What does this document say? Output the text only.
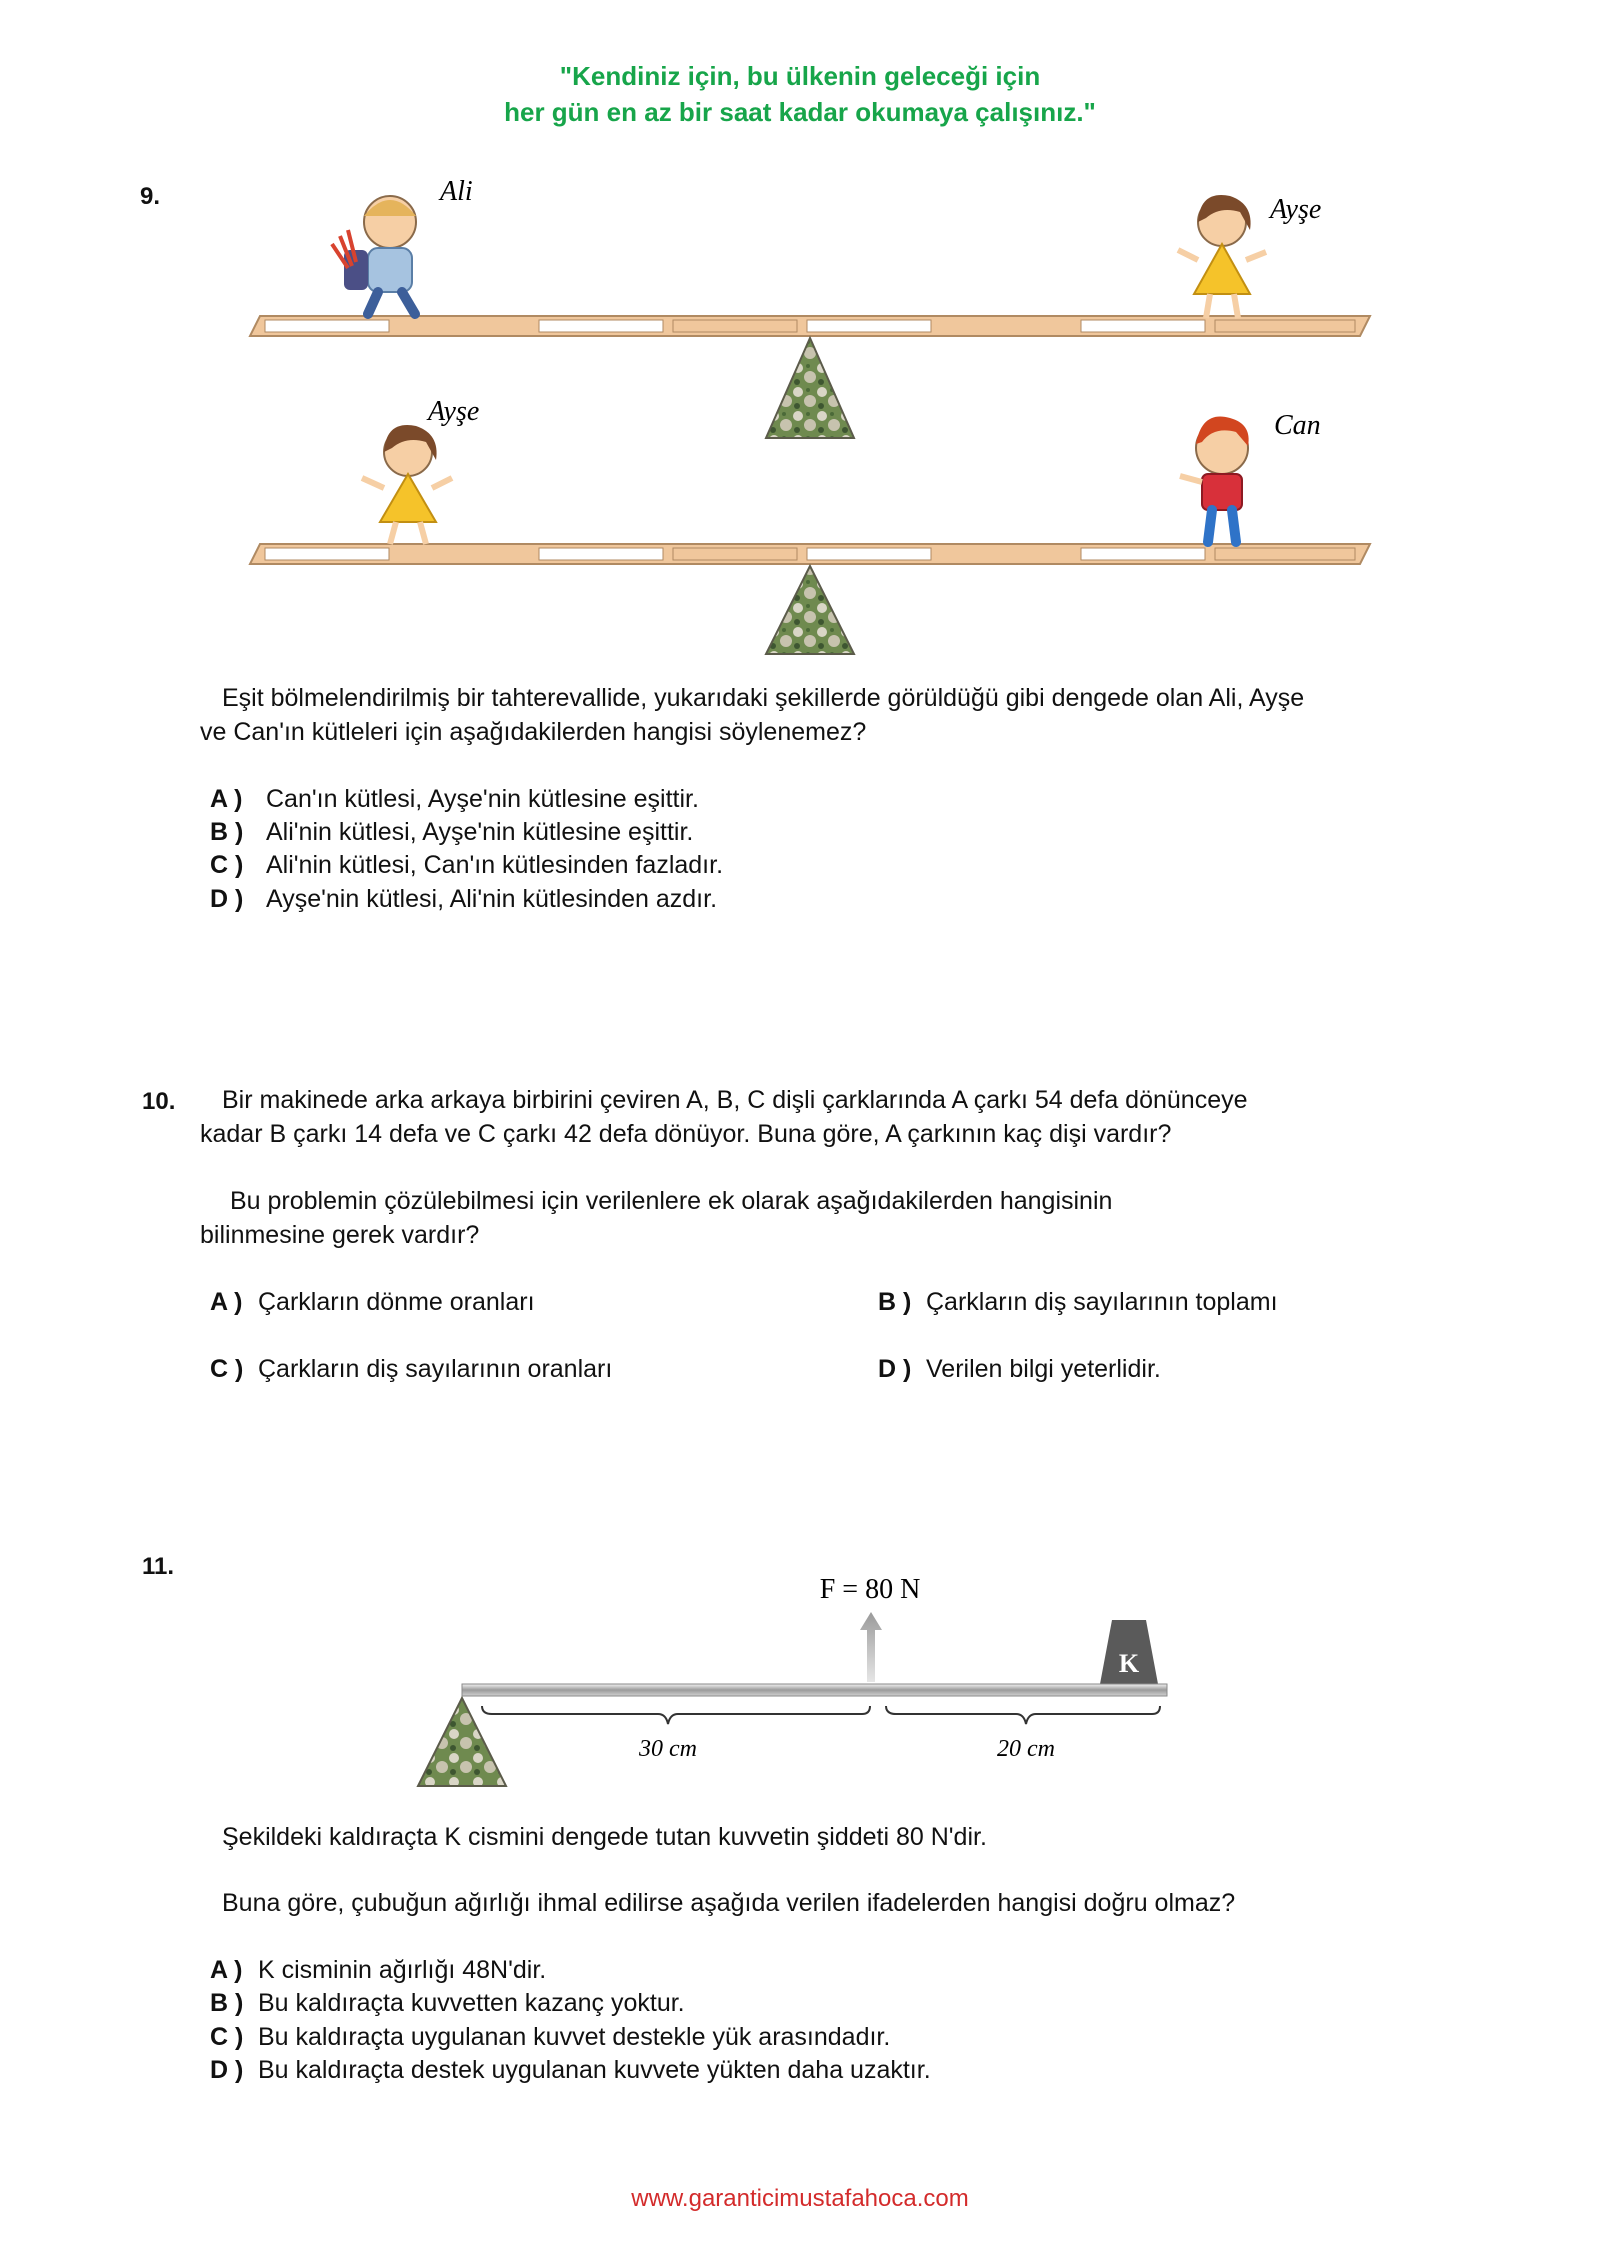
"Kendiniz için, bu ülkenin geleceği için
her gün en az bir saat kadar okumaya çalışınız."
9.	Ali
Ayşe
Ayşe	Can
Eşit bölmelendirilmiş bir tahterevallide, yukarıdaki şekillerde görüldüğü gibi dengede olan Ali, Ayşe
ve Can'ın kütleleri için aşağıdakilerden hangisi söylenemez?
A ) Can'ın kütlesi, Ayşe'nin kütlesine eşittir.
B ) Ali'nin kütlesi, Ayşe'nin kütlesine eşittir.
C ) Ali'nin kütlesi, Can'ın kütlesinden fazladır.
D ) Ayşe'nin kütlesi, Ali'nin kütlesinden azdır.
10. Bir makinede arka arkaya birbirini çeviren A, B, C dişli çarklarında A çarkı 54 defa dönünceye
kadar B çarkı 14 defa ve C çarkı 42 defa dönüyor. Buna göre, A çarkının kaç dişi vardır?
Bu problemin çözülebilmesi için verilenlere ek olarak aşağıdakilerden hangisinin
bilinmesine gerek vardır?
A ) Çarkların dönme oranları	B ) Çarkların diş sayılarının toplamı
C ) Çarkların diş sayılarının oranları	D ) Verilen bilgi yeterlidir.
11.
F = 80 N
K
30 cm	20 cm
Şekildeki kaldıraçta K cismini dengede tutan kuvvetin şiddeti 80 N'dir.
Buna göre, çubuğun ağırlığı ihmal edilirse aşağıda verilen ifadelerden hangisi doğru olmaz?
A ) K cisminin ağırlığı 48N'dir.
B ) Bu kaldıraçta kuvvetten kazanç yoktur.
C ) Bu kaldıraçta uygulanan kuvvet destekle yük arasındadır.
D ) Bu kaldıraçta destek uygulanan kuvvete yükten daha uzaktır.
www.garanticimustafahoca.com
